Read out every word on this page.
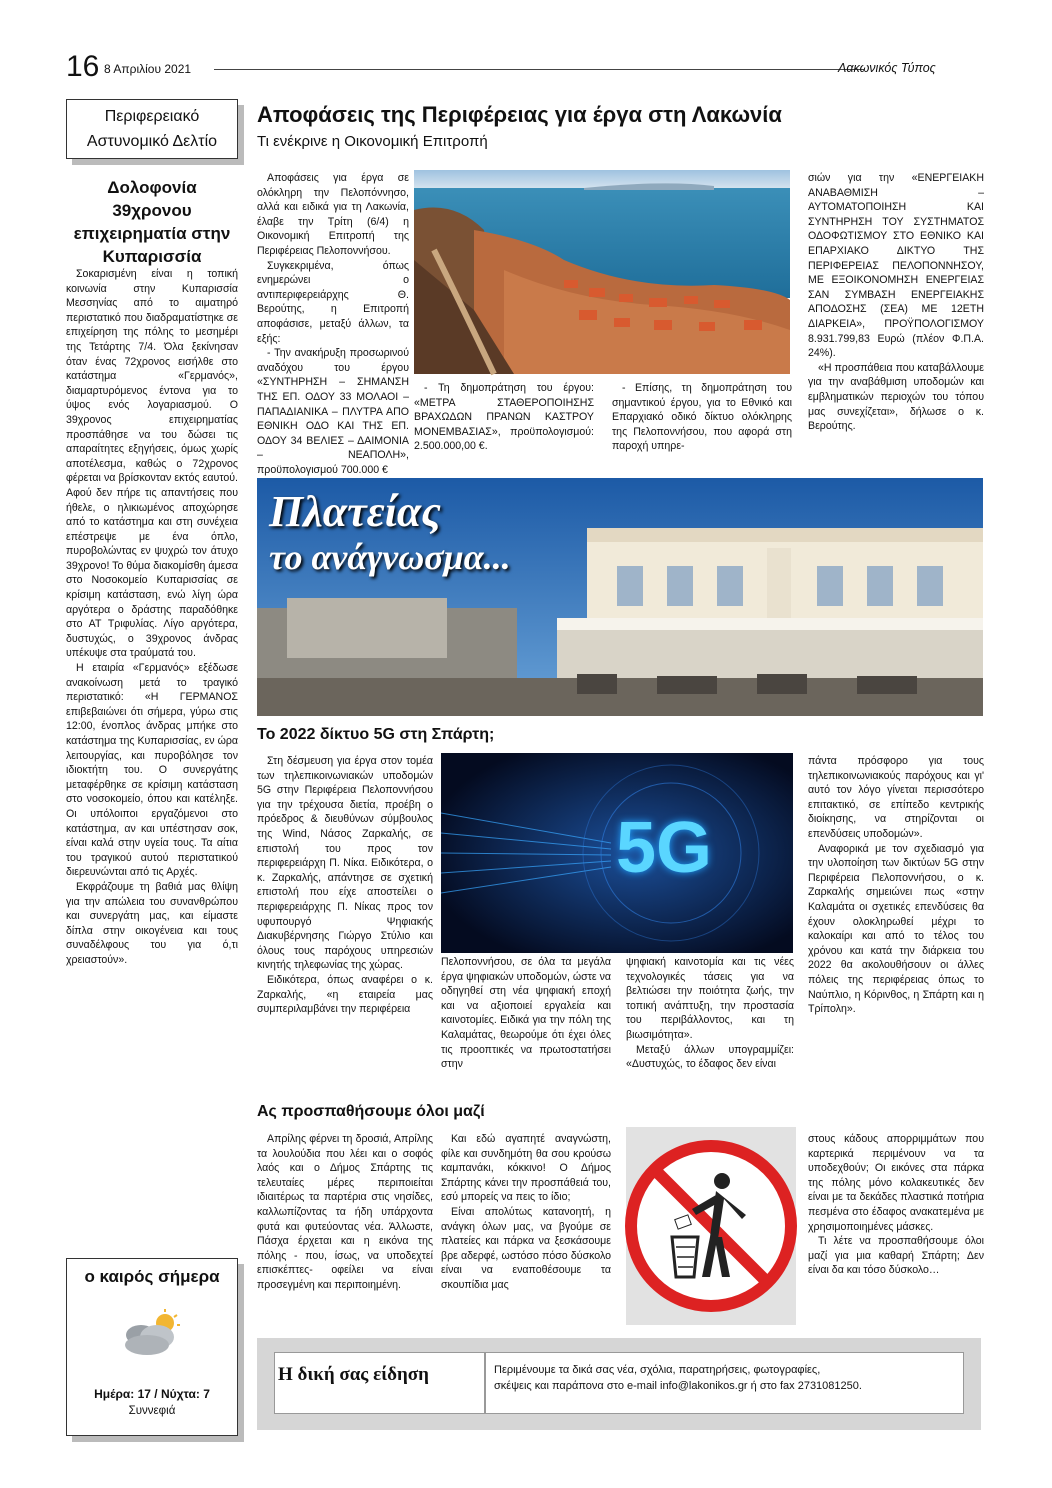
16 8 Απριλίου 2021	Λακωνικός Τύπος
Περιφερειακό
Αστυνομικό Δελτίο
Δολοφονία 39χρονου επιχειρηματία στην Κυπαρισσία

Σοκαρισμένη είναι η τοπική κοινωνία στην Κυπαρισσία Μεσσηνίας από το αιματηρό περιστατικό που διαδραματίστηκε σε επιχείρηση της πόλης το μεσημέρι της Τετάρτης 7/4. Όλα ξεκίνησαν όταν ένας 72χρονος εισήλθε στο κατάστημα «Γερμανός», διαμαρτυρόμενος έντονα για το ύψος ενός λογαριασμού. Ο 39χρονος επιχειρηματίας προσπάθησε να του δώσει τις απαραίτητες εξηγήσεις, όμως χωρίς αποτέλεσμα, καθώς ο 72χρονος φέρεται να βρίσκονταν εκτός εαυτού. Αφού δεν πήρε τις απαντήσεις που ήθελε, ο ηλικιωμένος αποχώρησε από το κατάστημα και στη συνέχεια επέστρεψε με ένα όπλο, πυροβολώντας εν ψυχρώ τον άτυχο 39χρονο! Το θύμα διακομίσθη άμεσα στο Νοσοκομείο Κυπαρισσίας σε κρίσιμη κατάσταση, ενώ λίγη ώρα αργότερα ο δράστης παραδόθηκε στο ΑΤ Τριφυλίας. Λίγο αργότερα, δυστυχώς, ο 39χρονος άνδρας υπέκυψε στα τραύματά του.

Η εταιρία «Γερμανός» εξέδωσε ανακοίνωση μετά το τραγικό περιστατικό: «Η ΓΕΡΜΑΝΟΣ επιβεβαιώνει ότι σήμερα, γύρω στις 12:00, ένοπλος άνδρας μπήκε στο κατάστημα της Κυπαρισσίας, εν ώρα λειτουργίας, και πυροβόλησε τον ιδιοκτήτη του. Ο συνεργάτης μεταφέρθηκε σε κρίσιμη κατάσταση στο νοσοκομείο, όπου και κατέληξε. Οι υπόλοιποι εργαζόμενοι στο κατάστημα, αν και υπέστησαν σοκ, είναι καλά στην υγεία τους. Τα αίτια του τραγικού αυτού περιστατικού διερευνώνται από τις Αρχές.

Εκφράζουμε τη βαθιά μας θλίψη για την απώλεια του συνανθρώπου και συνεργάτη μας, και είμαστε δίπλα στην οικογένεια και τους συναδέλφους του για ό,τι χρειαστούν».

ο καιρός σήμερα
Ημέρα: 17 / Νύχτα: 7
Συννεφιά
Αποφάσεις της Περιφέρειας για έργα στη Λακωνία
Τι ενέκρινε η Οικονομική Επιτροπή

Αποφάσεις για έργα σε ολόκληρη την Πελοπόννησο, αλλά και ειδικά για τη Λακωνία, έλαβε την Τρίτη (6/4) η Οικονομική Επιτροπή της Περιφέρειας Πελοποννήσου.

Συγκεκριμένα, όπως ενημερώνει ο αντιπεριφερειάρχης Θ. Βερούτης, η Επιτροπή αποφάσισε, μεταξύ άλλων, τα εξής:

- Την ανακήρυξη προσωρινού αναδόχου του έργου «ΣΥΝΤΗΡΗΣΗ – ΣΗΜΑΝΣΗ ΤΗΣ ΕΠ. ΟΔΟΥ 33 ΜΟΛΑΟΙ – ΠΑΠΑΔΙΑΝΙΚΑ – ΠΛΥΤΡΑ ΑΠΟ ΕΘΝΙΚΗ ΟΔΟ ΚΑΙ ΤΗΣ ΕΠ. ΟΔΟΥ 34 ΒΕΛΙΕΣ – ΔΑΙΜΟΝΙΑ – ΝΕΑΠΟΛΗ», προϋπολογισμού 700.000 €

- Τη δημοπράτηση του έργου: «ΜΕΤΡΑ ΣΤΑΘΕΡΟΠΟΙΗΣΗΣ ΒΡΑΧΩΔΩΝ ΠΡΑΝΩΝ ΚΑΣΤΡΟΥ ΜΟΝΕΜΒΑΣΙΑΣ», προϋπολογισμού: 2.500.000,00 €.

- Επίσης, τη δημοπράτηση του σημαντικού έργου, για το Εθνικό και Επαρχιακό οδικό δίκτυο ολόκληρης της Πελοποννήσου, που αφορά στη παροχή υπηρε-

σιών για την «ΕΝΕΡΓΕΙΑΚΗ ΑΝΑΒΑΘΜΙΣΗ – ΑΥΤΟΜΑΤΟΠΟΙΗΣΗ ΚΑΙ ΣΥΝΤΗΡΗΣΗ ΤΟΥ ΣΥΣΤΗΜΑΤΟΣ ΟΔΟΦΩΤΙΣΜΟΥ ΣΤΟ ΕΘΝΙΚΟ ΚΑΙ ΕΠΑΡΧΙΑΚΟ ΔΙΚΤΥΟ ΤΗΣ ΠΕΡΙΦΕΡΕΙΑΣ ΠΕΛΟΠΟΝΝΗΣΟΥ, ΜΕ ΕΞΟΙΚΟΝΟΜΗΣΗ ΕΝΕΡΓΕΙΑΣ ΣΑΝ ΣΥΜΒΑΣΗ ΕΝΕΡΓΕΙΑΚΗΣ ΑΠΟΔΟΣΗΣ (ΣΕΑ) ΜΕ 12ΕΤΗ ΔΙΑΡΚΕΙΑ», ΠΡΟΫΠΟΛΟΓΙΣΜΟΥ 8.931.799,83 Ευρώ (πλέον Φ.Π.Α. 24%).

«Η προσπάθεια που καταβάλλουμε για την αναβάθμιση υποδομών και εμβληματικών περιοχών του τόπου μας συνεχίζεται», δήλωσε ο κ. Βερούτης.

Πλατείας
το ανάγνωσμα...
Το 2022 δίκτυο 5G στη Σπάρτη;

Στη δέσμευση για έργα στον τομέα των τηλεπικοινωνιακών υποδομών 5G στην Περιφέρεια Πελοποννήσου για την τρέχουσα διετία, προέβη ο πρόεδρος & διευθύνων σύμβουλος της Wind, Νάσος Ζαρκαλής, σε επιστολή του προς τον περιφερειάρχη Π. Νίκα. Ειδικότερα, ο κ. Ζαρκαλής, απάντησε σε σχετική επιστολή που είχε αποστείλει ο περιφερειάρχης Π. Νίκας προς τον υφυπουργό Ψηφιακής Διακυβέρνησης Γιώργο Στύλιο και όλους τους παρόχους υπηρεσιών κινητής τηλεφωνίας της χώρας.

Ειδικότερα, όπως αναφέρει ο κ. Ζαρκαλής, «η εταιρεία μας συμπεριλαμβάνει την περιφέρεια

5G

Πελοποννήσου, σε όλα τα μεγάλα έργα ψηφιακών υποδομών, ώστε να οδηγηθεί στη νέα ψηφιακή εποχή και να αξιοποιεί εργαλεία και καινοτομίες. Ειδικά για την πόλη της Καλαμάτας, θεωρούμε ότι έχει όλες τις προοπτικές να πρωτοστατήσει στην

ψηφιακή καινοτομία και τις νέες τεχνολογικές τάσεις για να βελτιώσει την ποιότητα ζωής, την τοπική ανάπτυξη, την προστασία του περιβάλλοντος, και τη βιωσιμότητα».

Μεταξύ άλλων υπογραμμίζει: «Δυστυχώς, το έδαφος δεν είναι

πάντα πρόσφορο για τους τηλεπικοινωνιακούς παρόχους και γι' αυτό τον λόγο γίνεται περισσότερο επιτακτικό, σε επίπεδο κεντρικής διοίκησης, να στηρίζονται οι επενδύσεις υποδομών».

Αναφορικά με τον σχεδιασμό για την υλοποίηση των δικτύων 5G στην Περιφέρεια Πελοποννήσου, ο κ. Ζαρκαλής σημειώνει πως «στην Καλαμάτα οι σχετικές επενδύσεις θα έχουν ολοκληρωθεί μέχρι το καλοκαίρι και από το τέλος του χρόνου και κατά την διάρκεια του 2022 θα ακολουθήσουν οι άλλες πόλεις της περιφέρειας όπως το Ναύπλιο, η Κόρινθος, η Σπάρτη και η Τρίπολη».

Ας προσπαθήσουμε όλοι μαζί

Απρίλης φέρνει τη δροσιά, Απρίλης τα λουλούδια που λέει και ο σοφός λαός και ο Δήμος Σπάρτης τις τελευταίες μέρες περιποιείται ιδιαιτέρως τα παρτέρια στις νησίδες, καλλωπίζοντας τα ήδη υπάρχοντα φυτά και φυτεύοντας νέα. Άλλωστε, Πάσχα έρχεται και η εικόνα της πόλης - που, ίσως, να υποδεχτεί επισκέπτες- οφείλει να είναι προσεγμένη και περιποιημένη.

Και εδώ αγαπητέ αναγνώστη, φίλε και συνδημότη θα σου κρούσω καμπανάκι, κόκκινο! Ο Δήμος Σπάρτης κάνει την προσπάθειά του, εσύ μπορείς να πεις το ίδιο;

Είναι απολύτως κατανοητή, η ανάγκη όλων μας, να βγούμε σε πλατείες και πάρκα να ξεσκάσουμε βρε αδερφέ, ωστόσο πόσο δύσκολο είναι να εναποθέσουμε τα σκουπίδια μας

στους κάδους απορριμμάτων που καρτερικά περιμένουν να τα υποδεχθούν; Οι εικόνες στα πάρκα της πόλης μόνο κολακευτικές δεν είναι με τα δεκάδες πλαστικά ποτήρια πεσμένα στο έδαφος ανακατεμένα με χρησιμοποιημένες μάσκες.

Τι λέτε να προσπαθήσουμε όλοι μαζί για μια καθαρή Σπάρτη; Δεν είναι δα και τόσο δύσκολο…

Η δική σας είδηση	Περιμένουμε τα δικά σας νέα, σχόλια, παρατηρήσεις, φωτογραφίες,
σκέψεις και παράπονα στο e-mail info@lakonikos.gr ή στο fax 2731081250.
